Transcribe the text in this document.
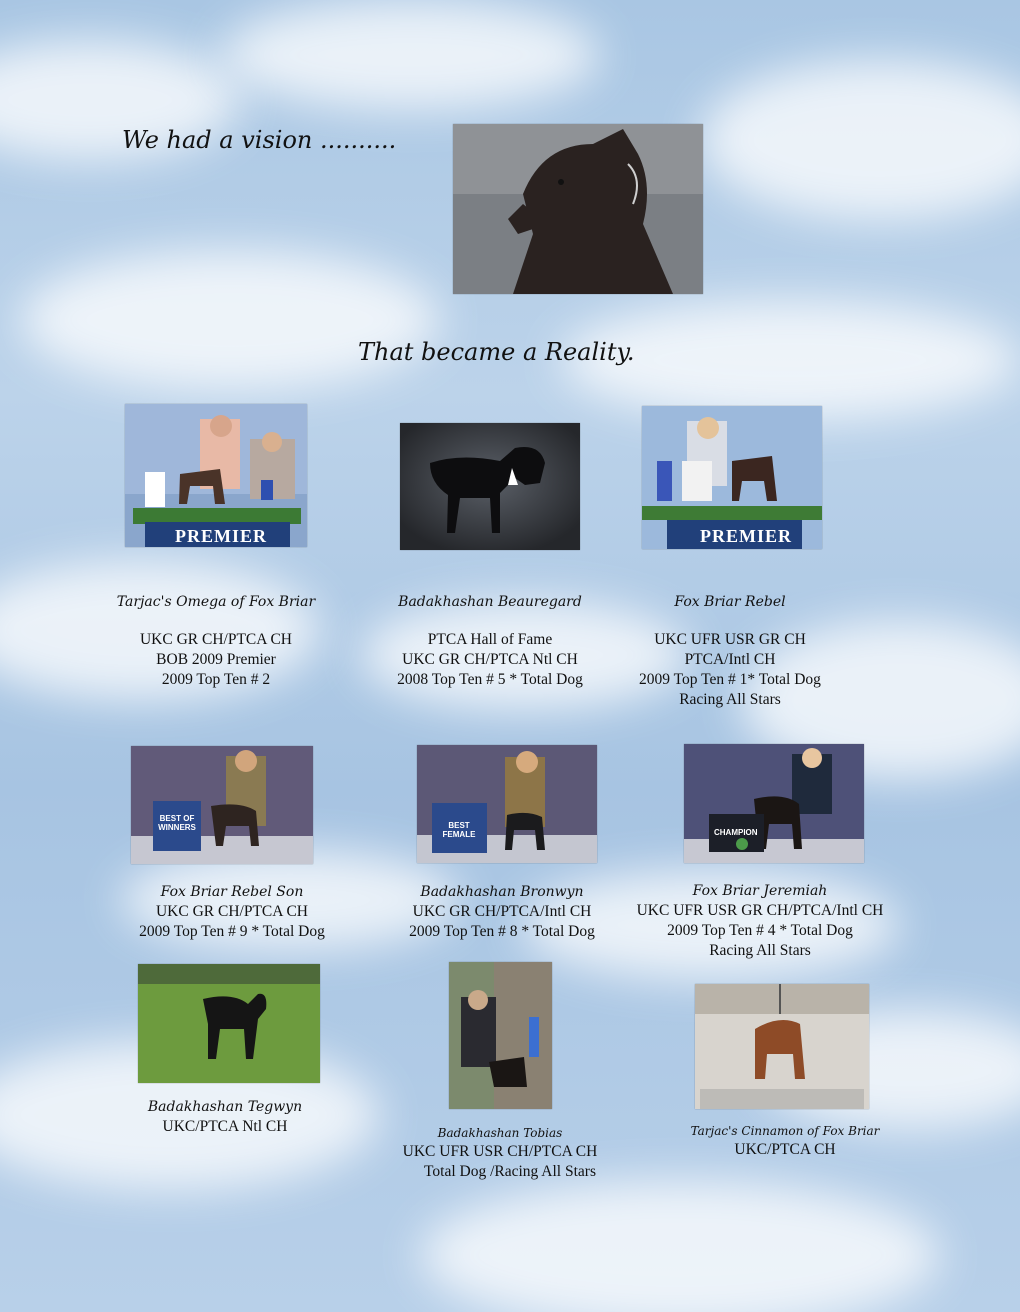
We had a vision ..........
That became a Reality.
PREMIER	PREMIER
BEST OF WINNERS	BEST FEMALE	CHAMPION
Tarjac's Omega of Fox Briar
UKC GR CH/PTCA CH
BOB 2009 Premier
2009 Top Ten # 2
Badakhashan Beauregard
PTCA Hall of Fame
UKC GR CH/PTCA Ntl CH
2008 Top Ten # 5 * Total Dog
Fox Briar Rebel
UKC UFR USR GR CH
PTCA/Intl CH
2009 Top Ten # 1* Total Dog
Racing All Stars
Fox Briar Rebel Son
UKC GR CH/PTCA CH
2009 Top Ten # 9 * Total Dog
Badakhashan Bronwyn
UKC GR CH/PTCA/Intl CH
2009 Top Ten # 8 * Total Dog
Fox Briar Jeremiah
UKC UFR USR GR CH/PTCA/Intl CH
2009 Top Ten # 4 * Total Dog
Racing All Stars
Badakhashan Tegwyn
UKC/PTCA Ntl CH	Badakhashan Tobias
UKC UFR USR CH/PTCA CH
Total Dog /Racing All Stars
Tarjac's Cinnamon of Fox Briar
UKC/PTCA CH
